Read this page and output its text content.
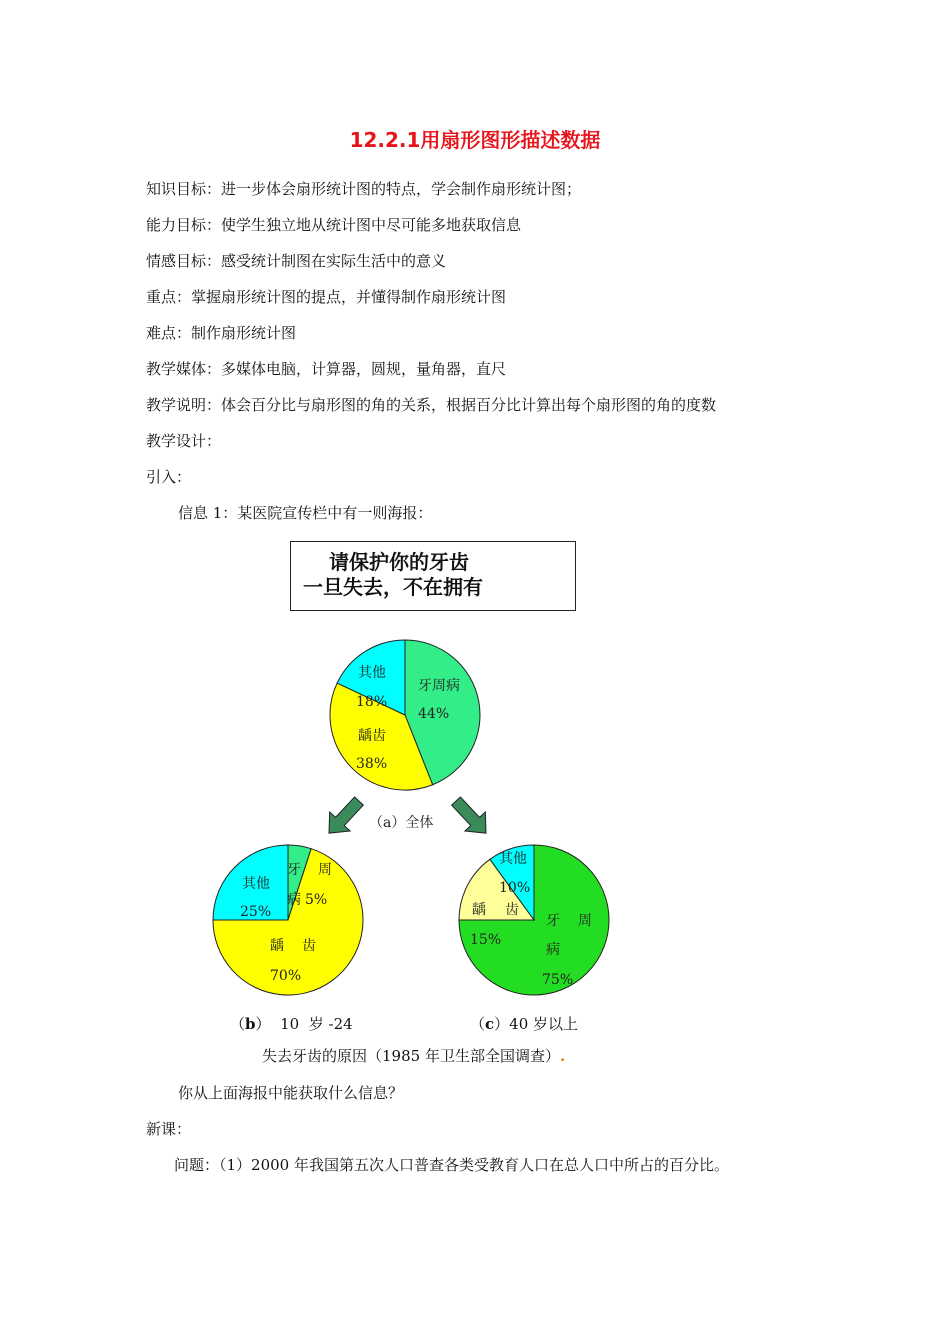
12.2.1用扇形图形描述数据
知识目标：进一步体会扇形统计图的特点，学会制作扇形统计图；
能力目标：使学生独立地从统计图中尽可能多地获取信息
情感目标：感受统计制图在实际生活中的意义
重点：掌握扇形统计图的提点，并懂得制作扇形统计图
难点：制作扇形统计图
教学媒体：多媒体电脑，计算器，圆规，量角器，直尺
教学说明：体会百分比与扇形图的角的关系，根据百分比计算出每个扇形图的角的度数
教学设计：
引入：
信息 1：某医院宣传栏中有一则海报：
请保护你的牙齿
一旦失去，不在拥有
牙周病
44%
龋齿
38%
其他
18%
（a）全体
牙 周
病 5%
龋 齿
70%
其他
25%
牙 周
病
75%
龋 齿
15%
其他
10%
（b） 10 岁 -24	（c）40 岁以上
失去牙齿的原因（1985 年卫生部全国调查）.
你从上面海报中能获取什么信息？
新课：
问题：（1）2000 年我国第五次人口普查各类受教育人口在总人口中所占的百分比。
